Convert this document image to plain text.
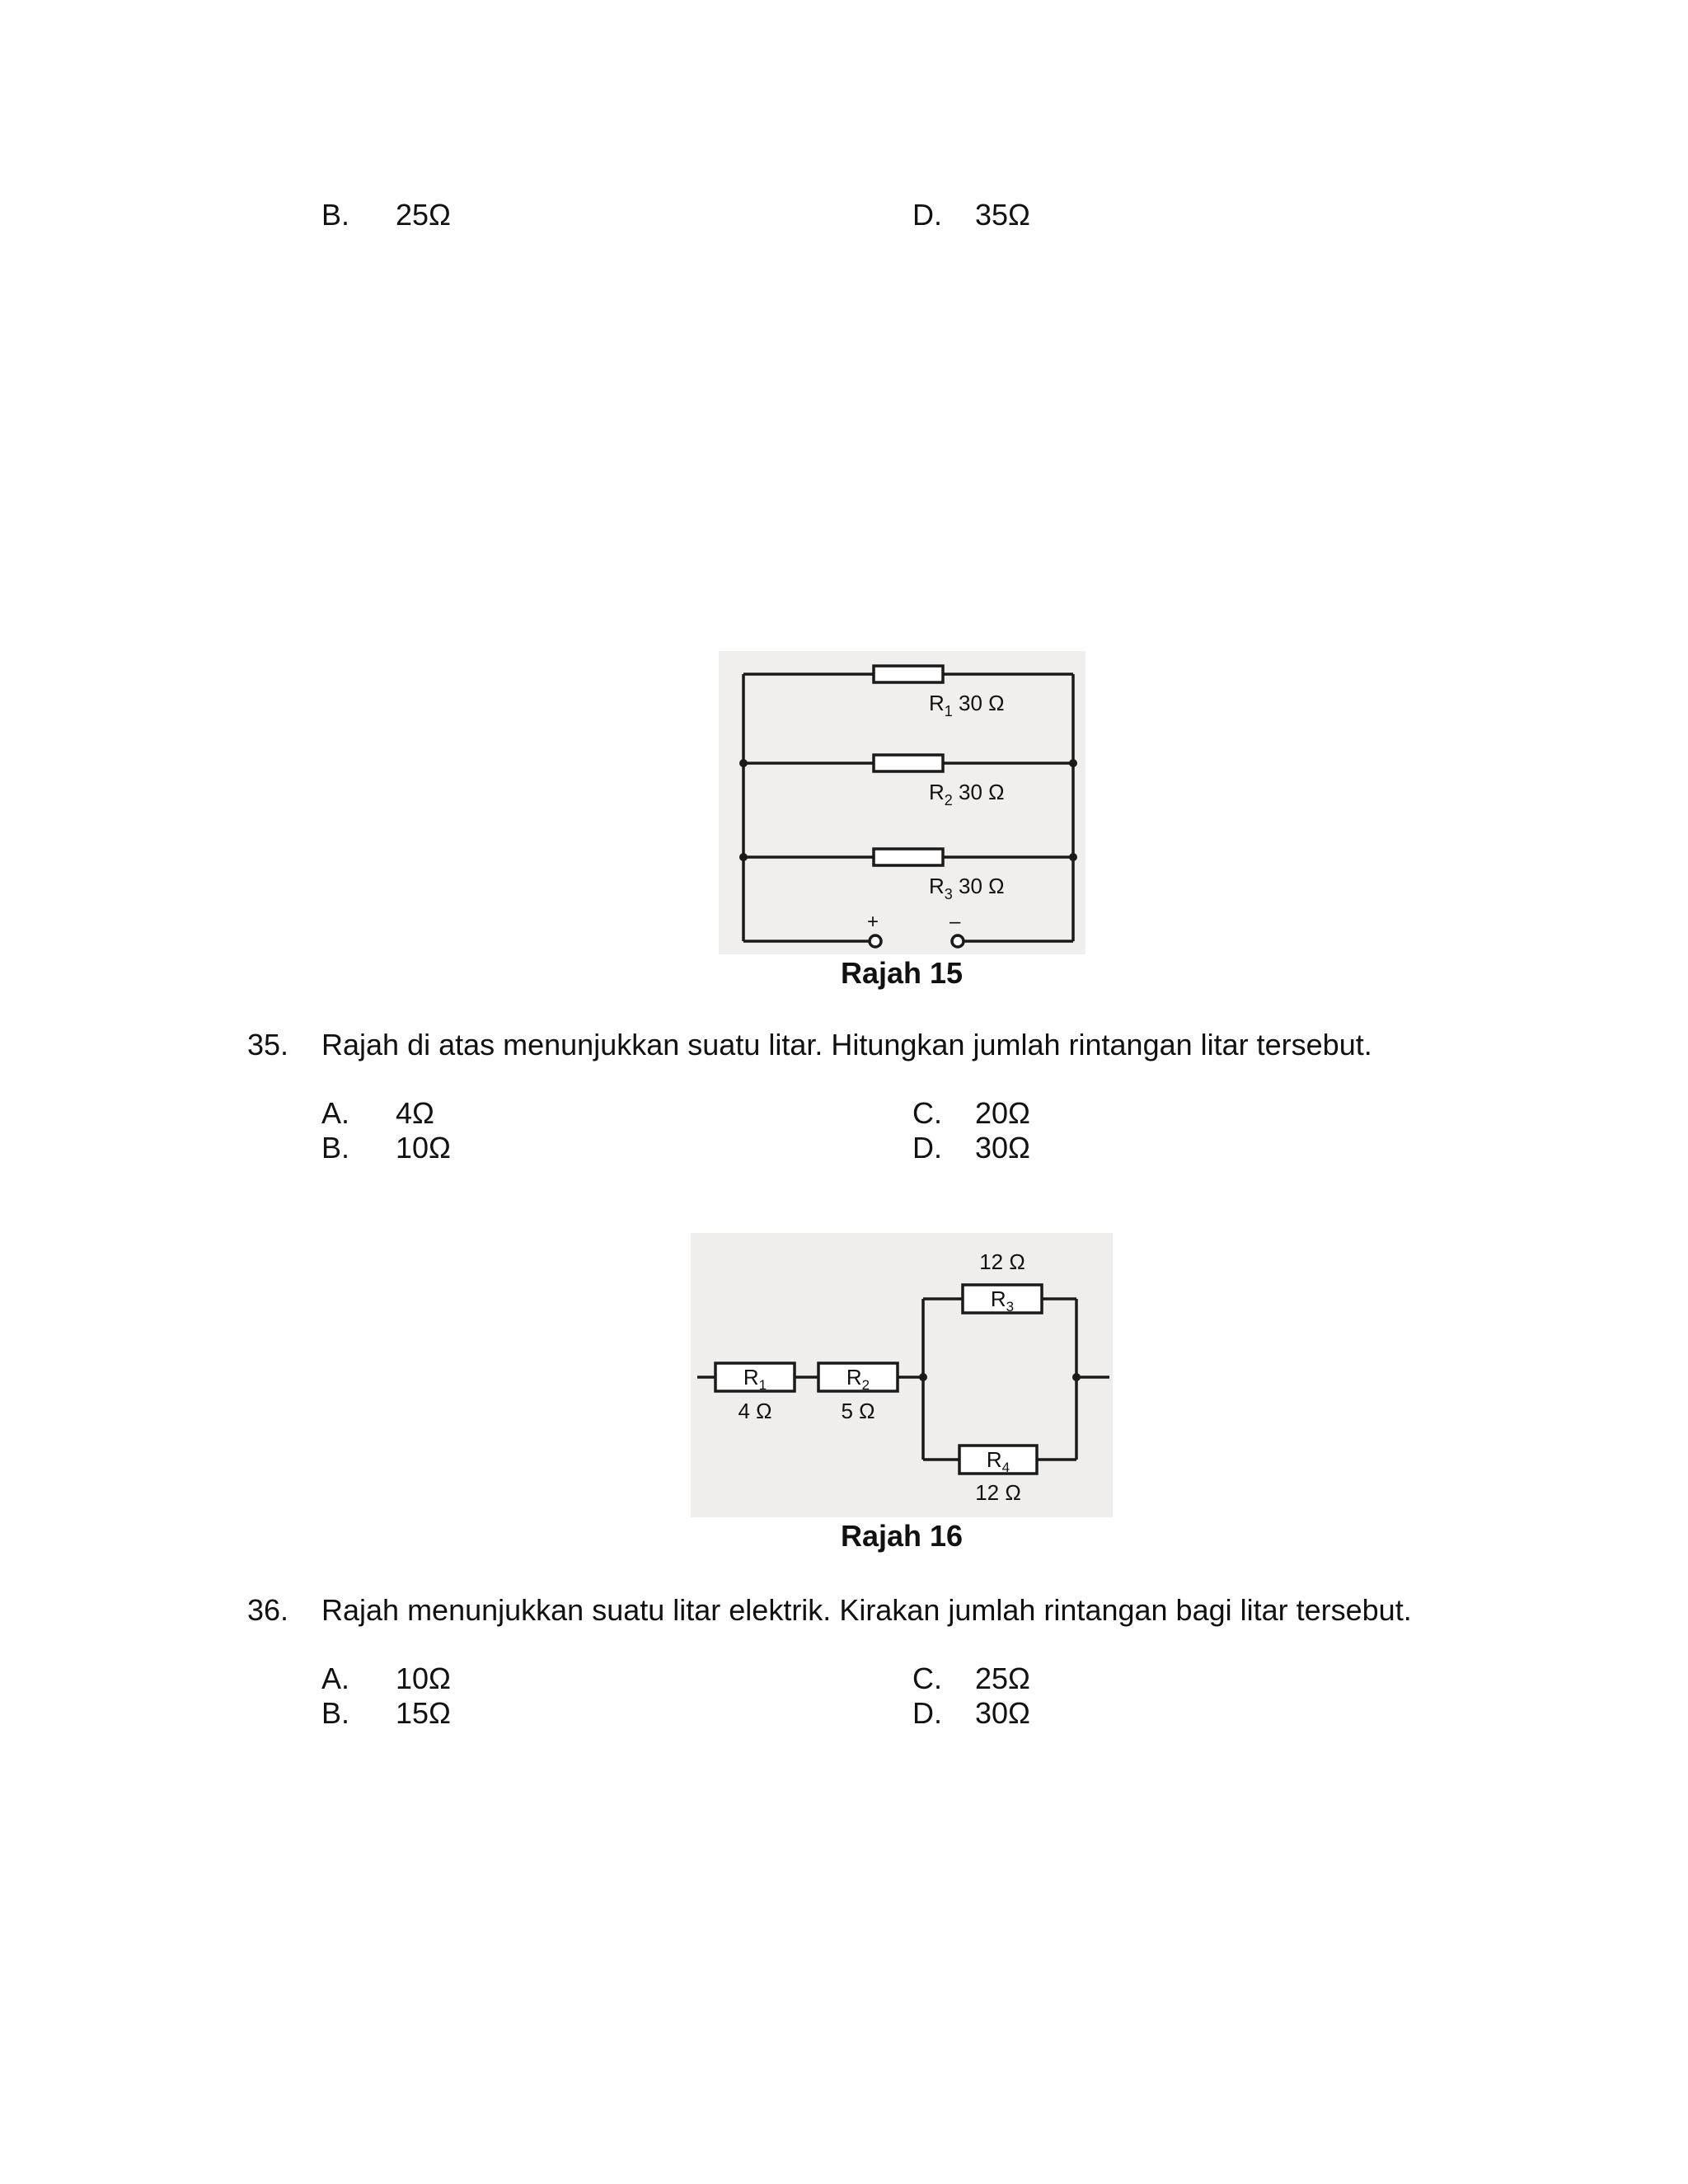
B. 25Ω	D. 35Ω
$R_1$ 30 Ω
$R_2$ 30 Ω
$R_3$ 30 Ω
+	–
Rajah 15
35. Rajah di atas menunjukkan suatu litar. Hitungkan jumlah rintangan litar tersebut.
A. 4Ω
B. 10Ω
C. 20Ω
D. 30Ω
$R_1$	$R_2$
$R_3$
$R_4$
4 Ω	5 Ω
12 Ω
12 Ω
Rajah 16
36. Rajah menunjukkan suatu litar elektrik. Kirakan jumlah rintangan bagi litar tersebut.
A. 10Ω
B. 15Ω
C. 25Ω
D. 30Ω
